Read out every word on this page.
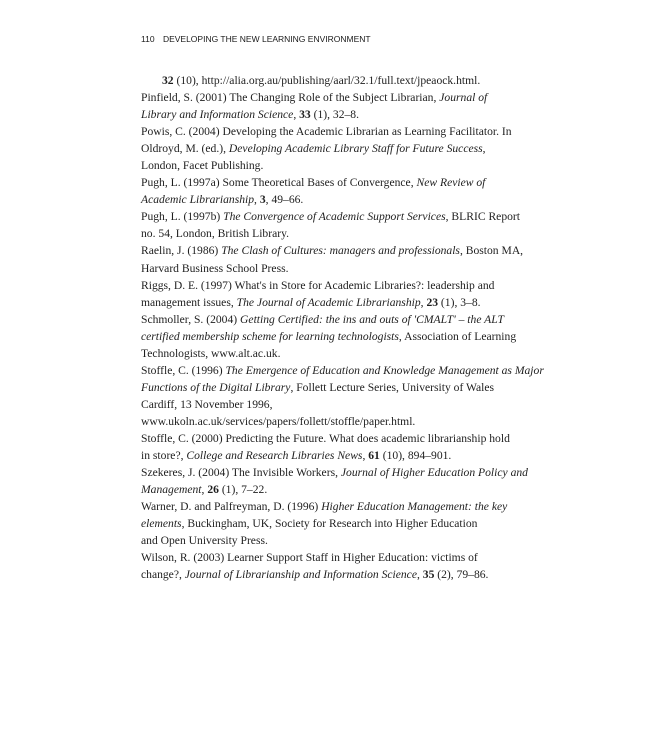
110 DEVELOPING THE NEW LEARNING ENVIRONMENT
32 (10), http://alia.org.au/publishing/aarl/32.1/full.text/jpeaock.html.
Pinfield, S. (2001) The Changing Role of the Subject Librarian, Journal of
Library and Information Science, 33 (1), 32–8.
Powis, C. (2004) Developing the Academic Librarian as Learning Facilitator. In
Oldroyd, M. (ed.), Developing Academic Library Staff for Future Success,
London, Facet Publishing.
Pugh, L. (1997a) Some Theoretical Bases of Convergence, New Review of
Academic Librarianship, 3, 49–66.
Pugh, L. (1997b) The Convergence of Academic Support Services, BLRIC Report
no. 54, London, British Library.
Raelin, J. (1986) The Clash of Cultures: managers and professionals, Boston MA,
Harvard Business School Press.
Riggs, D. E. (1997) What's in Store for Academic Libraries?: leadership and
management issues, The Journal of Academic Librarianship, 23 (1), 3–8.
Schmoller, S. (2004) Getting Certified: the ins and outs of 'CMALT' – the ALT
certified membership scheme for learning technologists, Association of Learning
Technologists, www.alt.ac.uk.
Stoffle, C. (1996) The Emergence of Education and Knowledge Management as Major
Functions of the Digital Library, Follett Lecture Series, University of Wales
Cardiff, 13 November 1996,
www.ukoln.ac.uk/services/papers/follett/stoffle/paper.html.
Stoffle, C. (2000) Predicting the Future. What does academic librarianship hold
in store?, College and Research Libraries News, 61 (10), 894–901.
Szekeres, J. (2004) The Invisible Workers, Journal of Higher Education Policy and
Management, 26 (1), 7–22.
Warner, D. and Palfreyman, D. (1996) Higher Education Management: the key
elements, Buckingham, UK, Society for Research into Higher Education
and Open University Press.
Wilson, R. (2003) Learner Support Staff in Higher Education: victims of
change?, Journal of Librarianship and Information Science, 35 (2), 79–86.
